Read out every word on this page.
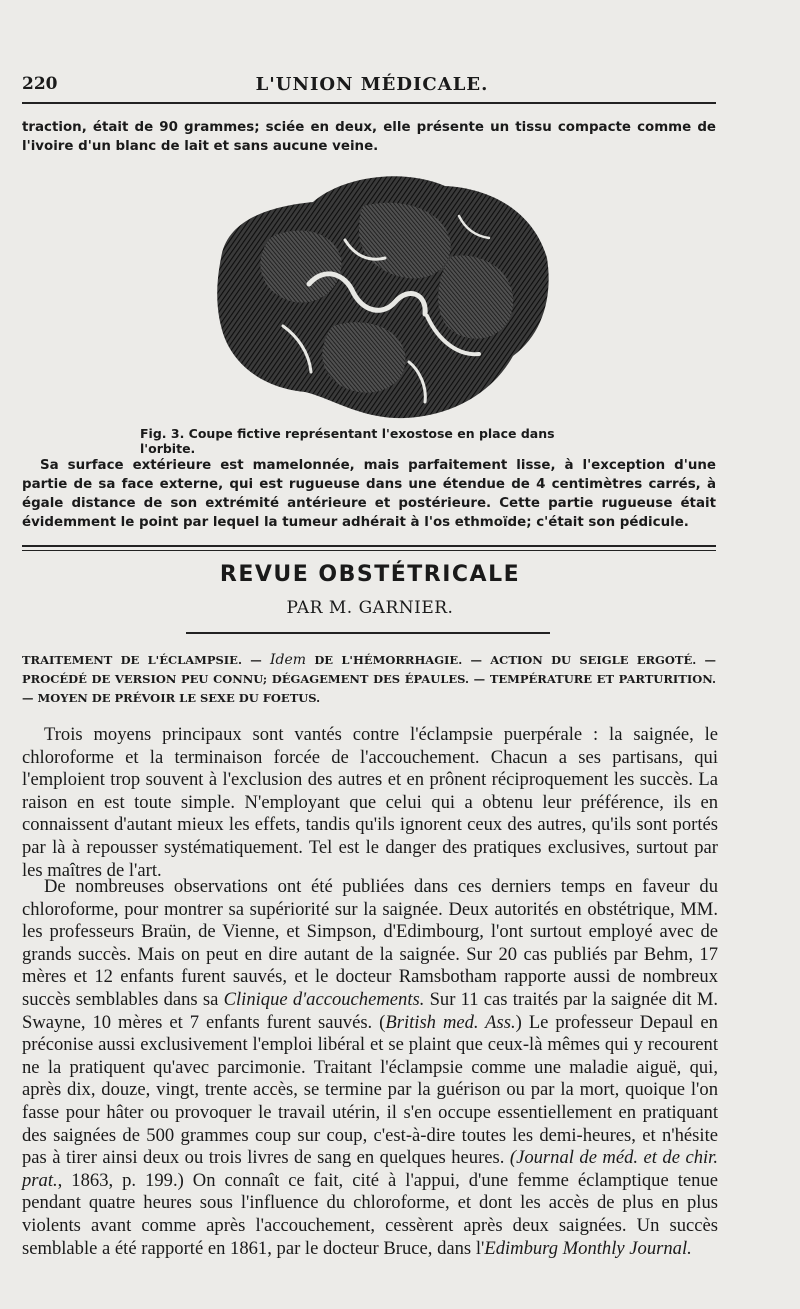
220	L'UNION MÉDICALE.

traction, était de 90 grammes; sciée en deux, elle présente un tissu compacte comme de
l'ivoire d'un blanc de lait et sans aucune veine.

Fig. 3. Coupe fictive représentant l'exostose en place dans l'orbite.

Sa surface extérieure est mamelonnée, mais parfaitement lisse, à l'exception d'une partie de sa face externe, qui est rugueuse dans une étendue de 4 centimètres carrés, à égale distance de son extrémité antérieure et postérieure. Cette partie rugueuse était évidemment le point par lequel la tumeur adhérait à l'os ethmoïde; c'était son pédicule.

REVUE OBSTÉTRICALE
PAR M. GARNIER.

TRAITEMENT DE L'ÉCLAMPSIE. — Idem DE L'HÉMORRHAGIE. — ACTION DU SEIGLE ERGOTÉ. — PROCÉDÉ DE VERSION PEU CONNU; DÉGAGEMENT DES ÉPAULES. — TEMPÉRATURE ET PARTURITION. — MOYEN DE PRÉVOIR LE SEXE DU FOETUS.

Trois moyens principaux sont vantés contre l'éclampsie puerpérale : la saignée, le chloroforme et la terminaison forcée de l'accouchement. Chacun a ses partisans, qui l'emploient trop souvent à l'exclusion des autres et en prônent réciproquement les succès. La raison en est toute simple. N'employant que celui qui a obtenu leur préférence, ils en connaissent d'autant mieux les effets, tandis qu'ils ignorent ceux des autres, qu'ils sont portés par là à repousser systématiquement. Tel est le danger des pratiques exclusives, surtout par les maîtres de l'art.

De nombreuses observations ont été publiées dans ces derniers temps en faveur du chloroforme, pour montrer sa supériorité sur la saignée. Deux autorités en obstétrique, MM. les professeurs Braün, de Vienne, et Simpson, d'Edimbourg, l'ont surtout employé avec de grands succès. Mais on peut en dire autant de la saignée. Sur 20 cas publiés par Behm, 17 mères et 12 enfants furent sauvés, et le docteur Ramsbotham rapporte aussi de nombreux succès semblables dans sa Clinique d'accouchements. Sur 11 cas traités par la saignée dit M. Swayne, 10 mères et 7 enfants furent sauvés. (British med. Ass.) Le professeur Depaul en préconise aussi exclusivement l'emploi libéral et se plaint que ceux-là mêmes qui y recourent ne la pratiquent qu'avec parcimonie. Traitant l'éclampsie comme une maladie aiguë, qui, après dix, douze, vingt, trente accès, se termine par la guérison ou par la mort, quoique l'on fasse pour hâter ou provoquer le travail utérin, il s'en occupe essentiellement en pratiquant des saignées de 500 grammes coup sur coup, c'est-à-dire toutes les demi-heures, et n'hésite pas à tirer ainsi deux ou trois livres de sang en quelques heures. (Journal de méd. et de chir. prat., 1863, p. 199.) On connaît ce fait, cité à l'appui, d'une femme éclamptique tenue pendant quatre heures sous l'influence du chloroforme, et dont les accès de plus en plus violents avant comme après l'accouchement, cessèrent après deux saignées. Un succès semblable a été rapporté en 1861, par le docteur Bruce, dans l'Edimburg Monthly Journal.
